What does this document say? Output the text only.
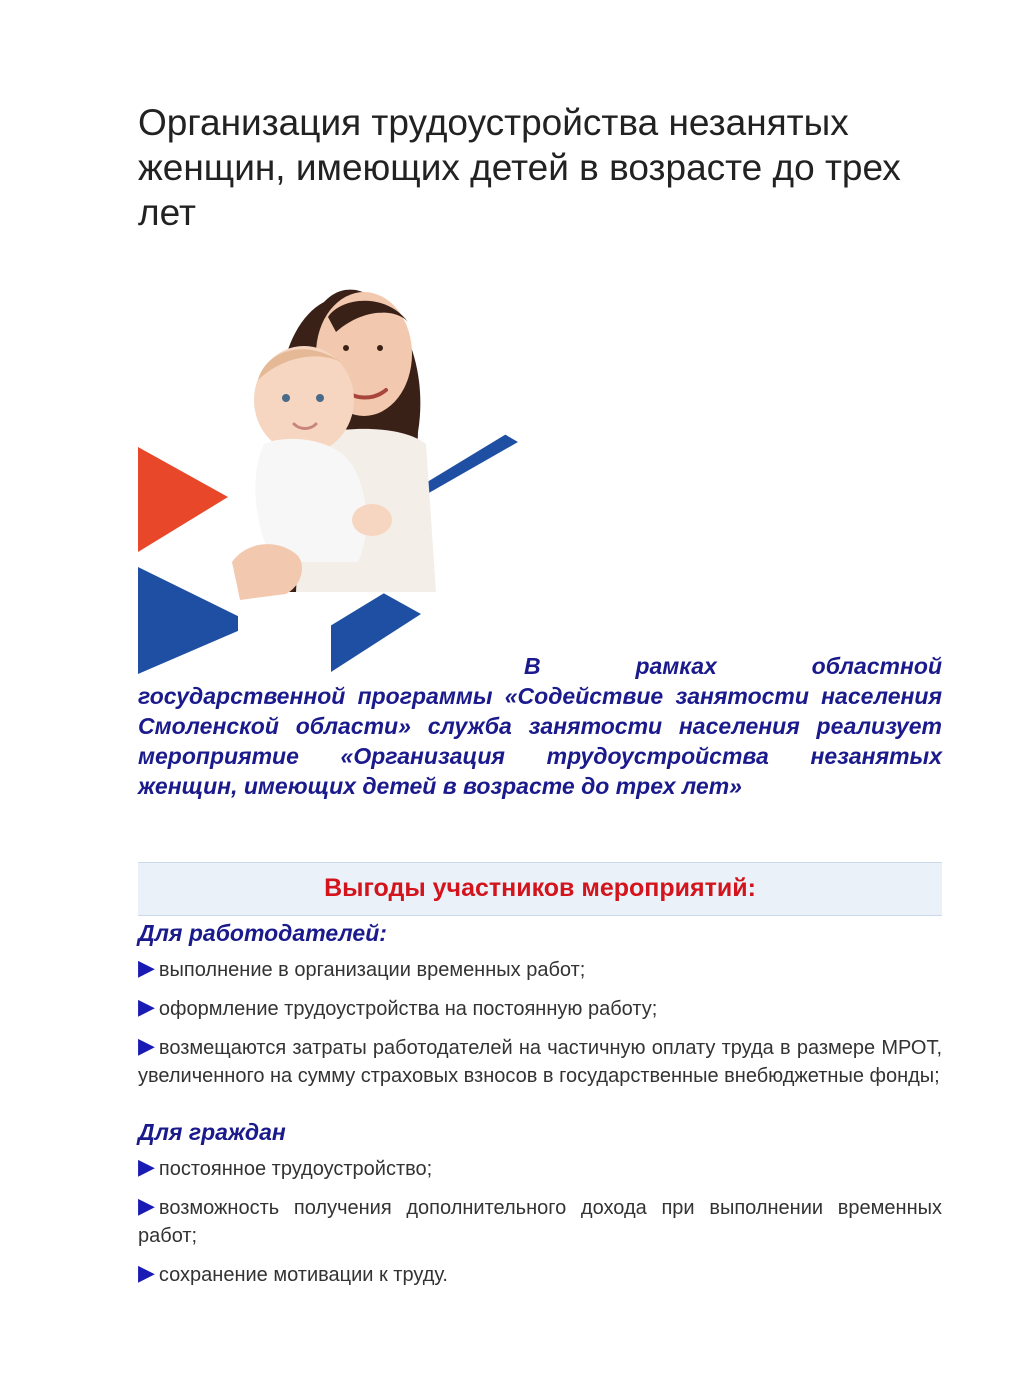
Организация трудоустройства незанятых женщин, имеющих детей в возрасте до трех лет

В рамках областной государственной программы «Содействие занятости населения Смоленской области» служба занятости населения реализует мероприятие «Организация трудоустройства незанятых женщин, имеющих детей в возрасте до трех лет»

Выгоды участников мероприятий:
Для работодателей:
▶ выполнение в организации временных работ;
▶ оформление трудоустройства на постоянную работу;
▶ возмещаются затраты работодателей на частичную оплату труда в размере МРОТ, увеличенного на сумму страховых взносов в государственные внебюджетные фонды;
Для граждан
▶ постоянное трудоустройство;
▶ возможность получения дополнительного дохода при выполнении временных работ;
▶ сохранение мотивации к труду.
